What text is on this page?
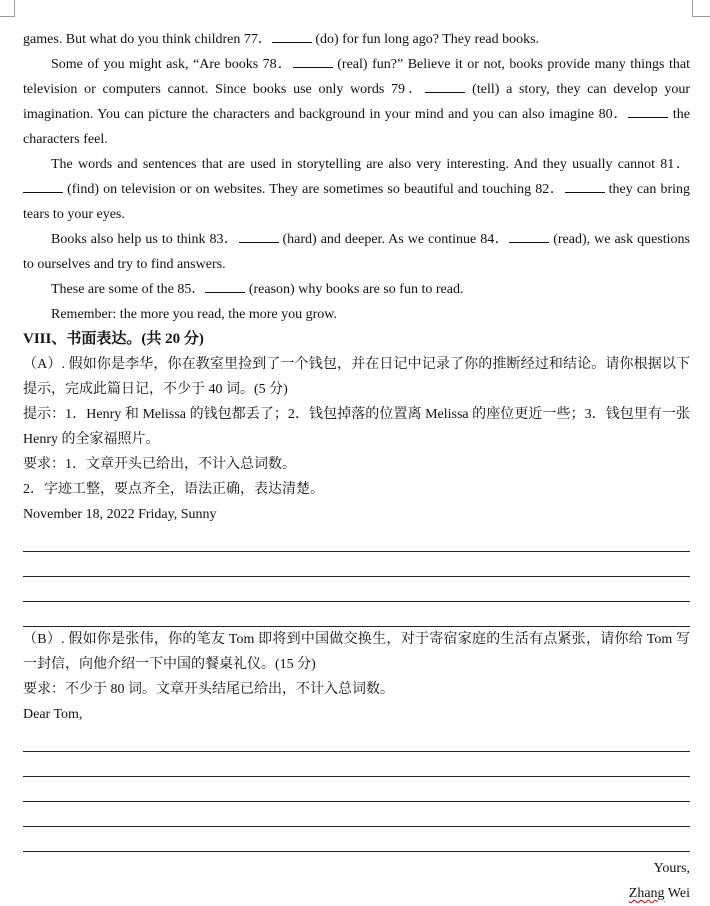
games. But what do you think children 77．	(do) for fun long ago? They read books.

Some of you might ask, “Are books 78．	(real) fun?” Believe it or not, books provide many things that television or computers cannot. Since books use only words 79．	(tell) a story, they can develop your imagination. You can picture the characters and background in your mind and you can also imagine 80．	the characters feel.

The words and sentences that are used in storytelling are also very interesting. And they usually cannot 81． (find) on television or on websites. They are sometimes so beautiful and touching 82．	they can bring tears to your eyes.

Books also help us to think 83．	(hard) and deeper. As we continue 84．	(read), we ask questions to ourselves and try to find answers.

These are some of the 85．	(reason) why books are so fun to read.

Remember: the more you read, the more you grow.

VIII、书面表达。(共 20 分)

（A）. 假如你是李华，你在教室里捡到了一个钱包，并在日记中记录了你的推断经过和结论。请你根据以下提示，完成此篇日记，不少于 40 词。(5 分)

提示：1．Henry 和 Melissa 的钱包都丢了；2．钱包掉落的位置离 Melissa 的座位更近一些；3．钱包里有一张 Henry 的全家福照片。

要求：1．文章开头已给出，不计入总词数。

2．字迹工整，要点齐全，语法正确，表达清楚。

November 18, 2022 Friday, Sunny

（B）. 假如你是张伟，你的笔友 Tom 即将到中国做交换生，对于寄宿家庭的生活有点紧张，请你给 Tom 写一封信，向他介绍一下中国的餐桌礼仪。(15 分)

要求：不少于 80 词。文章开头结尾已给出，不计入总词数。

Dear Tom,

Yours,

Zhang Wei
